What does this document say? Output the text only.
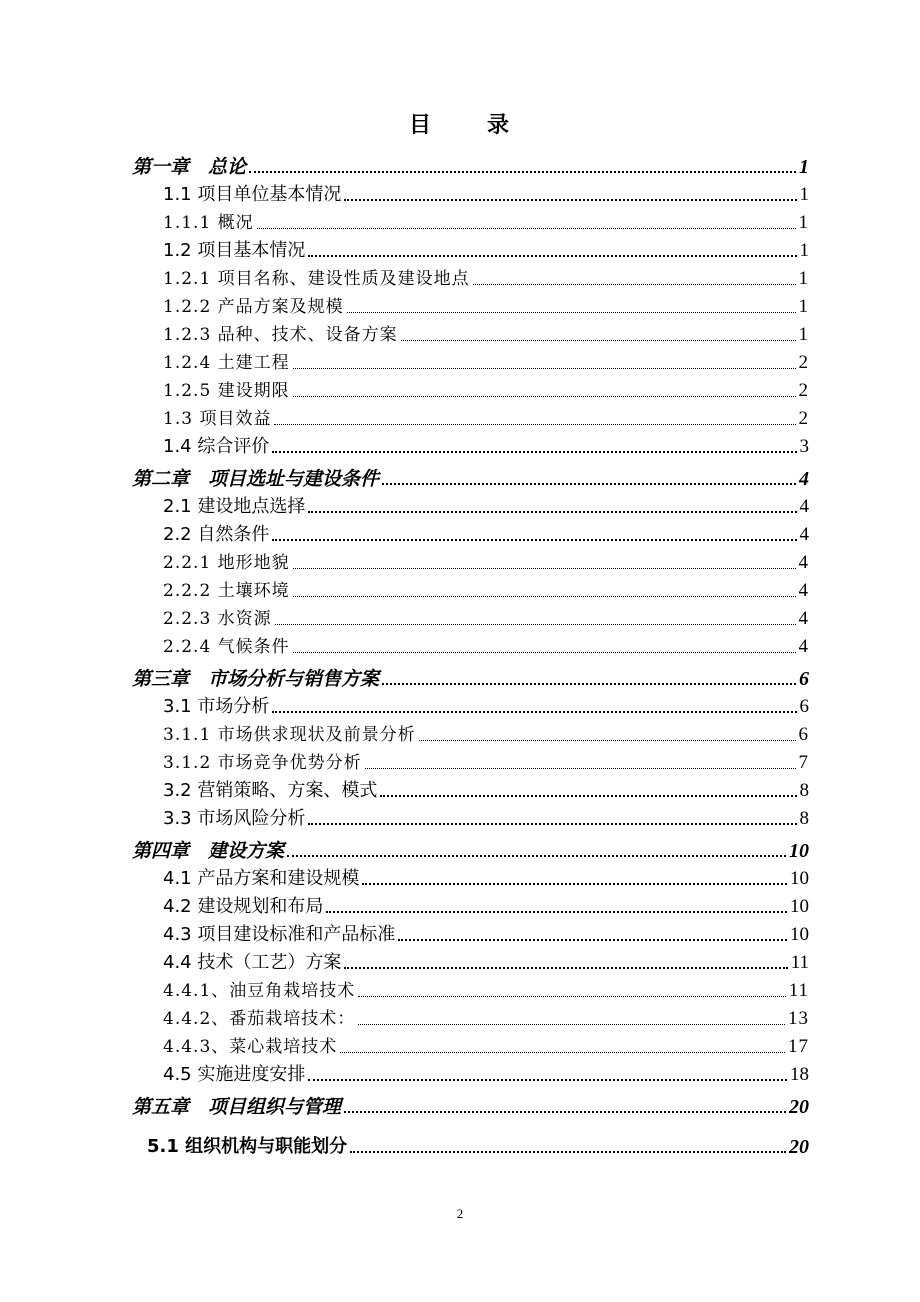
目 录
第一章　总论	1
1.1 项目单位基本情况	1
1.1.1 概况	1
1.2 项目基本情况	1
1.2.1 项目名称、建设性质及建设地点	1
1.2.2 产品方案及规模	1
1.2.3 品种、技术、设备方案	1
1.2.4 土建工程	2
1.2.5 建设期限	2
1.3 项目效益	2
1.4 综合评价	3
第二章　项目选址与建设条件	4
2.1 建设地点选择	4
2.2 自然条件	4
2.2.1 地形地貌	4
2.2.2 土壤环境	4
2.2.3 水资源	4
2.2.4 气候条件	4
第三章　市场分析与销售方案	6
3.1 市场分析	6
3.1.1 市场供求现状及前景分析	6
3.1.2 市场竞争优势分析	7
3.2 营销策略、方案、模式	8
3.3 市场风险分析	8
第四章　建设方案	10
4.1 产品方案和建设规模	10
4.2 建设规划和布局	10
4.3 项目建设标准和产品标准	10
4.4 技术（工艺）方案	11
4.4.1、油豆角栽培技术	11
4.4.2、番茄栽培技术：	13
4.4.3、菜心栽培技术	17
4.5 实施进度安排	18
第五章　项目组织与管理	20
5.1 组织机构与职能划分	20
2
